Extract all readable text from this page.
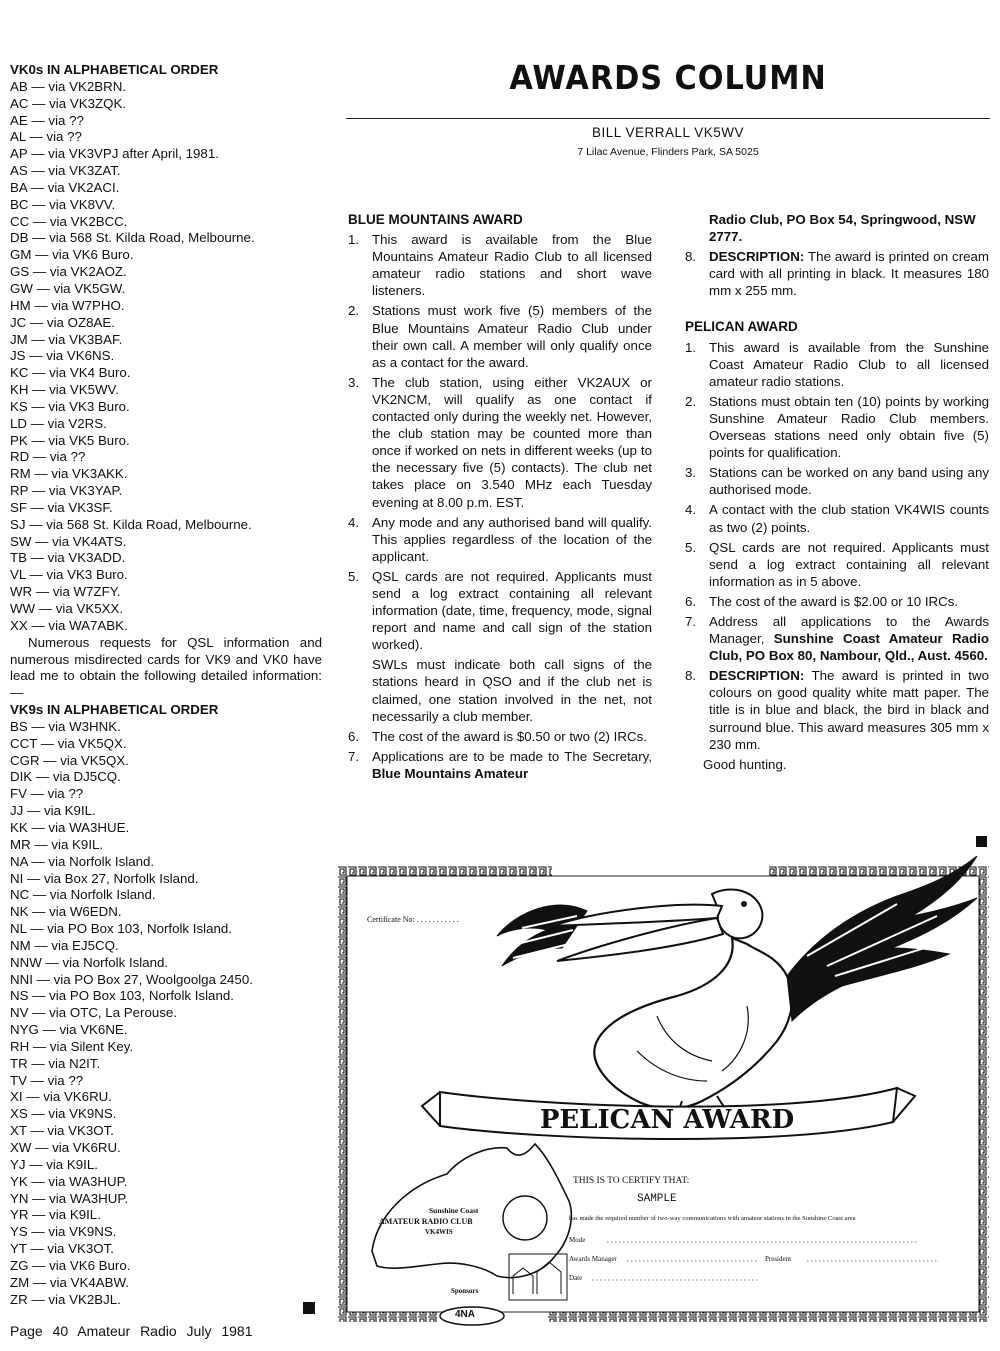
VK0s IN ALPHABETICAL ORDER
AB — via VK2BRN.
AC — via VK3ZQK.
AE — via ??
AL — via ??
AP — via VK3VPJ after April, 1981.
AS — via VK3ZAT.
BA — via VK2ACI.
BC — via VK8VV.
CC — via VK2BCC.
DB — via 568 St. Kilda Road, Melbourne.
GM — via VK6 Buro.
GS — via VK2AOZ.
GW — via VK5GW.
HM — via W7PHO.
JC — via OZ8AE.
JM — via VK3BAF.
JS — via VK6NS.
KC — via VK4 Buro.
KH — via VK5WV.
KS — via VK3 Buro.
LD — via V2RS.
PK — via VK5 Buro.
RD — via ??
RM — via VK3AKK.
RP — via VK3YAP.
SF — via VK3SF.
SJ — via 568 St. Kilda Road, Melbourne.
SW — via VK4ATS.
TB — via VK3ADD.
VL — via VK3 Buro.
WR — via W7ZFY.
WW — via VK5XX.
XX — via WA7ABK.

Numerous requests for QSL information and numerous misdirected cards for VK9 and VK0 have lead me to obtain the following detailed information:—

VK9s IN ALPHABETICAL ORDER
BS — via W3HNK.
CCT — via VK5QX.
CGR — via VK5QX.
DIK — via DJ5CQ.
FV — via ??
JJ — via K9IL.
KK — via WA3HUE.
MR — via K9IL.
NA — via Norfolk Island.
NI — via Box 27, Norfolk Island.
NC — via Norfolk Island.
NK — via W6EDN.
NL — via PO Box 103, Norfolk Island.
NM — via EJ5CQ.
NNW — via Norfolk Island.
NNI — via PO Box 27, Woolgoolga 2450.
NS — via PO Box 103, Norfolk Island.
NV — via OTC, La Perouse.
NYG — via VK6NE.
RH — via Silent Key.
TR — via N2IT.
TV — via ??
XI — via VK6RU.
XS — via VK9NS.
XT — via VK3OT.
XW — via VK6RU.
YJ — via K9IL.
YK — via WA3HUP.
YN — via WA3HUP.
YR — via K9IL.
YS — via VK9NS.
YT — via VK3OT.
ZG — via VK6 Buro.
ZM — via VK4ABW.
ZR — via VK2BJL.
Page 40 Amateur Radio July 1981
AWARDS COLUMN
BILL VERRALL VK5WV
7 Lilac Avenue, Flinders Park, SA 5025
BLUE MOUNTAINS AWARD
1. This award is available from the Blue Mountains Amateur Radio Club to all licensed amateur radio stations and short wave listeners.
2. Stations must work five (5) members of the Blue Mountains Amateur Radio Club under their own call. A member will only qualify once as a contact for the award.
3. The club station, using either VK2AUX or VK2NCM, will qualify as one contact if contacted only during the weekly net. However, the club station may be counted more than once if worked on nets in different weeks (up to the necessary five (5) contacts). The club net takes place on 3.540 MHz each Tuesday evening at 8.00 p.m. EST.
4. Any mode and any authorised band will qualify. This applies regardless of the location of the applicant.
5. QSL cards are not required. Applicants must send a log extract containing all relevant information (date, time, frequency, mode, signal report and name and call sign of the station worked).

SWLs must indicate both call signs of the stations heard in QSO and if the club net is claimed, one station involved in the net, not necessarily a club member.

6. The cost of the award is $0.50 or two (2) IRCs.
7. Applications are to be made to The Secretary, Blue Mountains Amateur
Radio Club, PO Box 54, Springwood, NSW 2777.
8. DESCRIPTION: The award is printed on cream card with all printing in black. It measures 180 mm x 255 mm.
PELICAN AWARD
1. This award is available from the Sunshine Coast Amateur Radio Club to all licensed amateur radio stations.
2. Stations must obtain ten (10) points by working Sunshine Amateur Radio Club members. Overseas stations need only obtain five (5) points for qualification.
3. Stations can be worked on any band using any authorised mode.
4. A contact with the club station VK4WIS counts as two (2) points.
5. QSL cards are not required. Applicants must send a log extract containing all relevant information as in 5 above.
6. The cost of the award is $2.00 or 10 IRCs.
7. Address all applications to the Awards Manager, Sunshine Coast Amateur Radio Club, PO Box 80, Nambour, Qld., Aust. 4560.
8. DESCRIPTION: The award is printed in two colours on good quality white matt paper. The title is in blue and black, the bird in black and surround blue. This award measures 305 mm x 230 mm.
Good hunting.
PELICAN AWARD
Certificate No: . . . . . . . . . . .
THIS IS TO CERTIFY THAT:
SAMPLE
has made the required number of two-way communications with amateur stations in the Sunshine Coast area
Mode
Awards Manager	President
Date
Sunshine Coast
AMATEUR RADIO CLUB
VK4WIS
Sponsors
4NA
